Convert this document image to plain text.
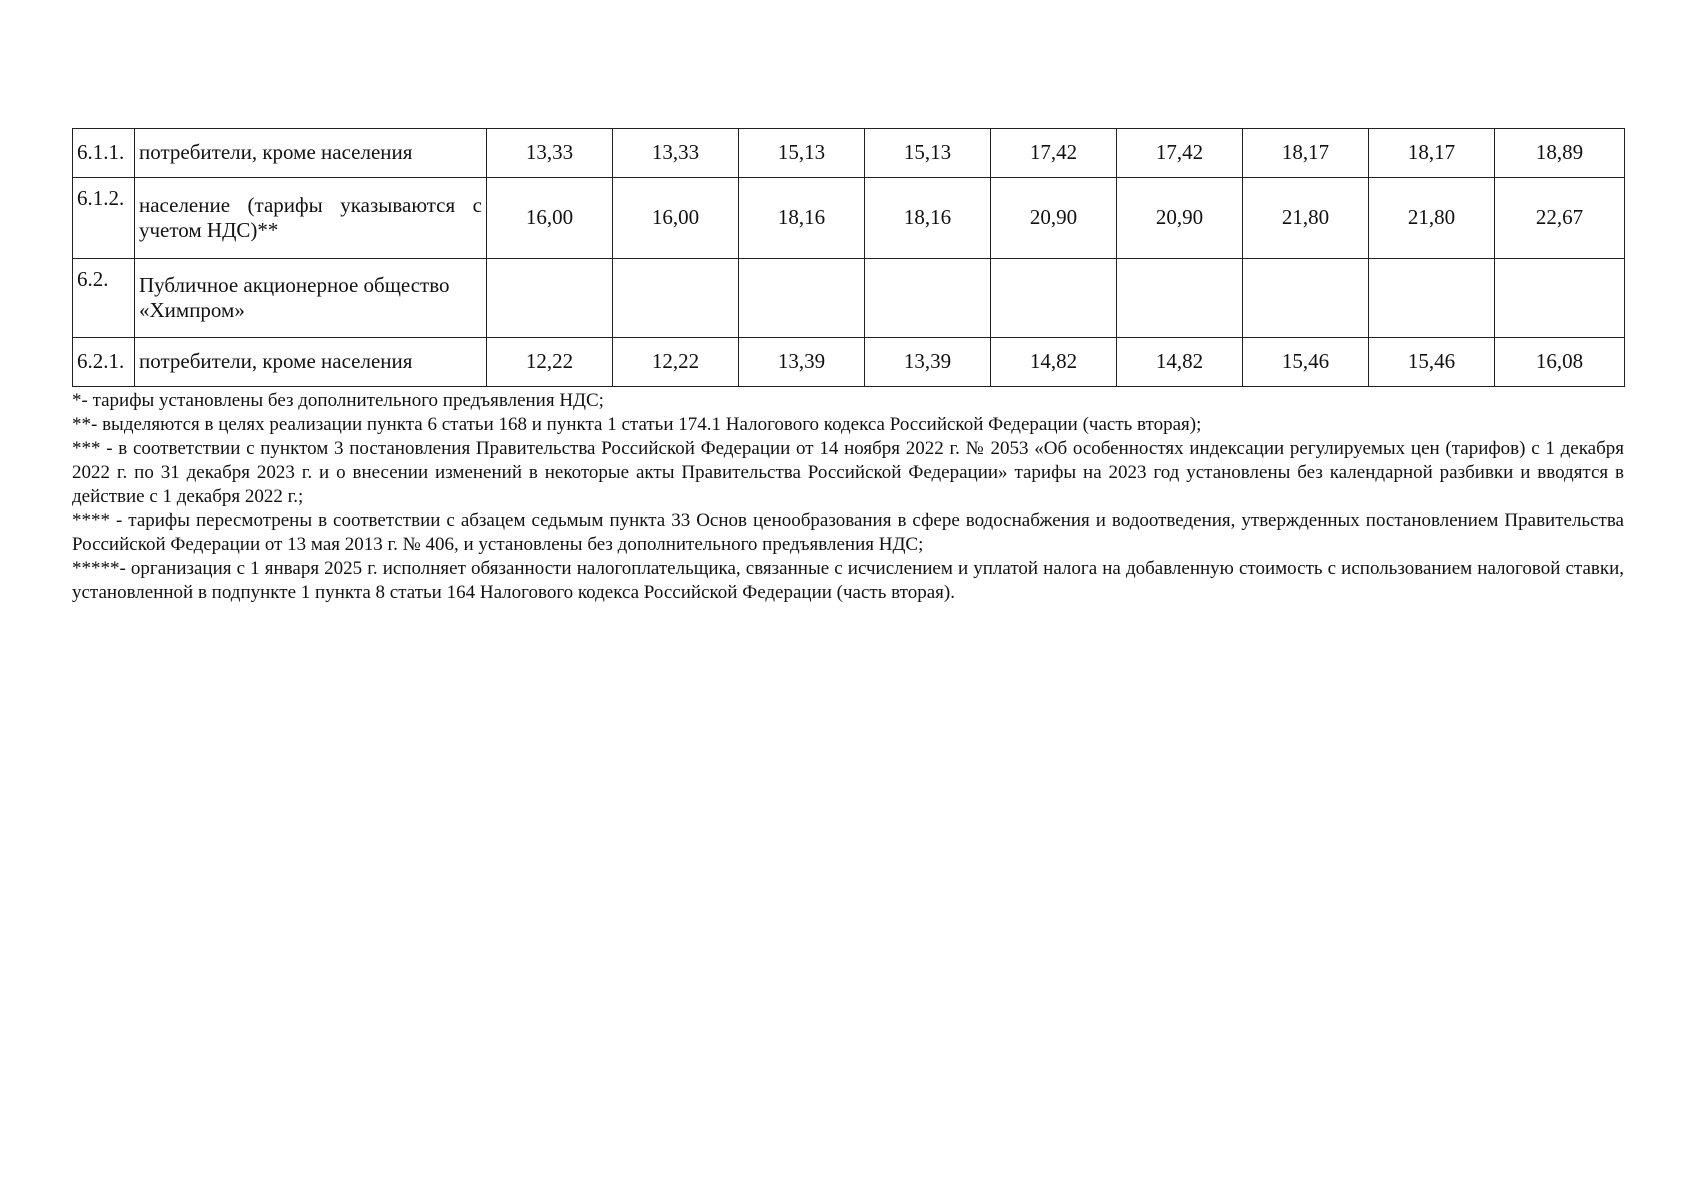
6.1.1.	потребители, кроме населения	13,33	13,33	15,13	15,13	17,42	17,42	18,17	18,17	18,89
6.1.2.	население (тарифы указываются с учетом НДС)**	16,00	16,00	18,16	18,16	20,90	20,90	21,80	21,80	22,67
6.2.	Публичное акционерное общество «Химпром»									
6.2.1.	потребители, кроме населения	12,22	12,22	13,39	13,39	14,82	14,82	15,46	15,46	16,08

*- тарифы установлены без дополнительного предъявления НДС;

**- выделяются в целях реализации пункта 6 статьи 168 и пункта 1 статьи 174.1 Налогового кодекса Российской Федерации (часть вторая);

*** - в соответствии с пунктом 3 постановления Правительства Российской Федерации от 14 ноября 2022 г. № 2053 «Об особенностях индексации регулируемых цен (тарифов) с 1 декабря 2022 г. по 31 декабря 2023 г. и о внесении изменений в некоторые акты Правительства Российской Федерации» тарифы на 2023 год установлены без календарной разбивки и вводятся в действие с 1 декабря 2022 г.;

**** - тарифы пересмотрены в соответствии с абзацем седьмым пункта 33 Основ ценообразования в сфере водоснабжения и водоотведения, утвержденных постановлением Правительства Российской Федерации от 13 мая 2013 г. № 406, и установлены без дополнительного предъявления НДС;

*****- организация с 1 января 2025 г. исполняет обязанности налогоплательщика, связанные с исчислением и уплатой налога на добавленную стоимость с использованием налоговой ставки, установленной в подпункте 1 пункта 8 статьи 164 Налогового кодекса Российской Федерации (часть вторая).
